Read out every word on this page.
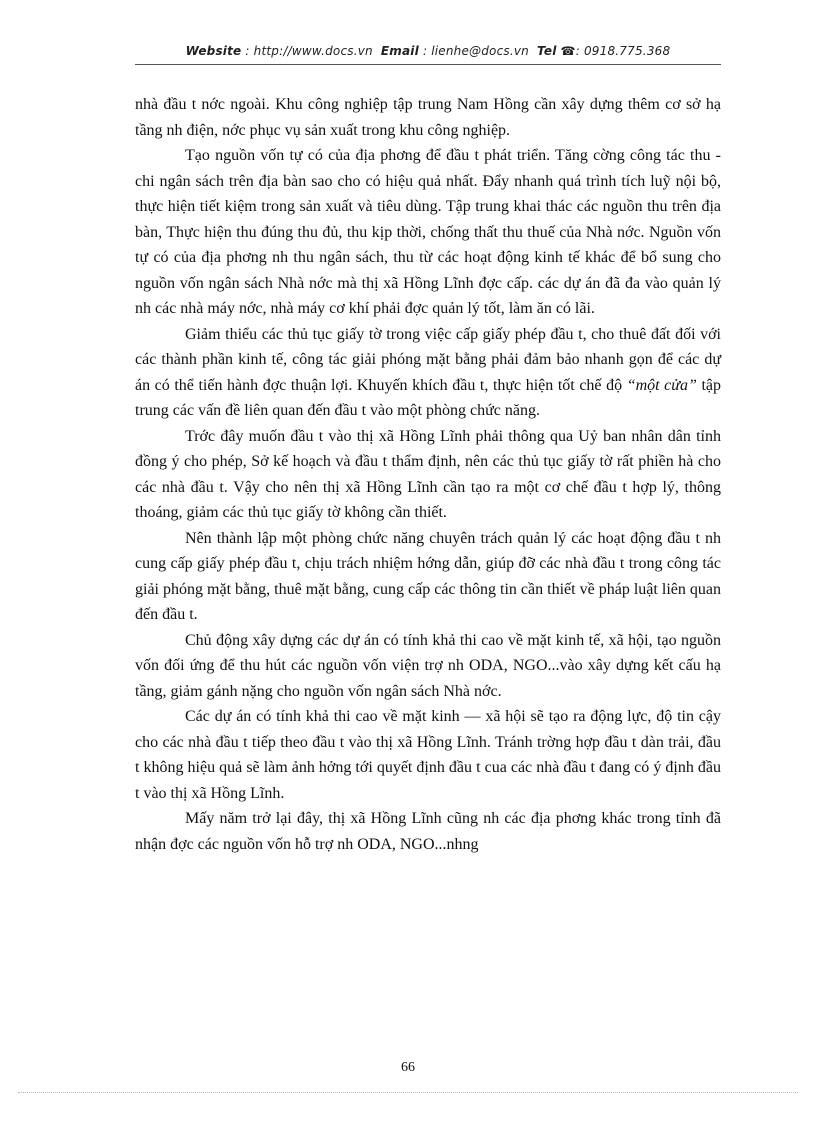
Website : http://www.docs.vn Email : lienhe@docs.vn Tel ☎: 0918.775.368

nhà đầu t nớc ngoài. Khu công nghiệp tập trung Nam Hồng cần xây dựng thêm cơ sở hạ tầng nh điện, nớc phục vụ sản xuất trong khu công nghiệp.

Tạo nguồn vốn tự có của địa phơng để đầu t phát triển. Tăng cờng công tác thu - chi ngân sách trên địa bàn sao cho có hiệu quả nhất. Đẩy nhanh quá trình tích luỹ nội bộ, thực hiện tiết kiệm trong sản xuất và tiêu dùng. Tập trung khai thác các nguồn thu trên địa bàn, Thực hiện thu đúng thu đủ, thu kịp thời, chống thất thu thuế của Nhà nớc. Nguồn vốn tự có của địa phơng nh thu ngân sách, thu từ các hoạt động kinh tế khác để bổ sung cho nguồn vốn ngân sách Nhà nớc mà thị xã Hồng Lĩnh đợc cấp. các dự án đã đa vào quản lý nh các nhà máy nớc, nhà máy cơ khí phải đợc quản lý tốt, làm ăn có lãi.

Giảm thiểu các thủ tục giấy tờ trong việc cấp giấy phép đầu t, cho thuê đất đối với các thành phần kinh tế, công tác giải phóng mặt bằng phải đảm bảo nhanh gọn để các dự án có thể tiến hành đợc thuận lợi. Khuyến khích đầu t, thực hiện tốt chế độ “một cửa” tập trung các vấn đề liên quan đến đầu t vào một phòng chức năng.

Trớc đây muốn đầu t vào thị xã Hồng Lĩnh phải thông qua Uỷ ban nhân dân tỉnh đồng ý cho phép, Sở kế hoạch và đầu t thẩm định, nên các thủ tục giấy tờ rất phiền hà cho các nhà đầu t. Vậy cho nên thị xã Hồng Lĩnh cần tạo ra một cơ chế đầu t hợp lý, thông thoáng, giảm các thủ tục giấy tờ không cần thiết.

Nên thành lập một phòng chức năng chuyên trách quản lý các hoạt động đầu t nh cung cấp giấy phép đầu t, chịu trách nhiệm hớng dẫn, giúp đỡ các nhà đầu t trong công tác giải phóng mặt bằng, thuê mặt bằng, cung cấp các thông tin cần thiết về pháp luật liên quan đến đầu t.

Chủ động xây dựng các dự án có tính khả thi cao về mặt kinh tế, xã hội, tạo nguồn vốn đối ứng để thu hút các nguồn vốn viện trợ nh ODA, NGO...vào xây dựng kết cấu hạ tầng, giảm gánh nặng cho nguồn vốn ngân sách Nhà nớc.

Các dự án có tính khả thi cao về mặt kinh — xã hội sẽ tạo ra động lực, độ tin cậy cho các nhà đầu t tiếp theo đầu t vào thị xã Hồng Lĩnh. Tránh trờng hợp đầu t dàn trải, đầu t không hiệu quả sẽ làm ảnh hởng tới quyết định đầu t cua các nhà đầu t đang có ý định đầu t vào thị xã Hồng Lĩnh.

Mấy năm trở lại đây, thị xã Hồng Lĩnh cũng nh các địa phơng khác trong tỉnh đã nhận đợc các nguồn vốn hỗ trợ nh ODA, NGO...nhng

66
